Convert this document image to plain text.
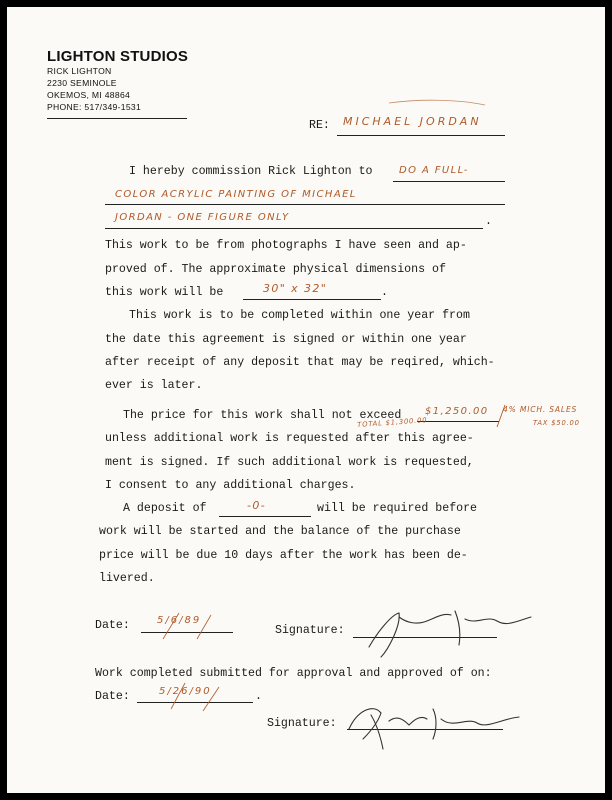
LIGHTON STUDIOS
RICK LIGHTON
2230 SEMINOLE
OKEMOS, MI 48864
PHONE: 517/349-1531
RE: MICHAEL JORDAN
I hereby commission Rick Lighton to	DO A FULL-
COLOR ACRYLIC PAINTING OF MICHAEL
JORDAN - ONE FIGURE ONLY	.
This work to be from photographs I have seen and ap-
proved of. The approximate physical dimensions of
this work will be	30" x 32"	.
This work is to be completed within one year from
the date this agreement is signed or within one year
after receipt of any deposit that may be reqired, which-
ever is later.
The price for this work shall not exceed $1,250.00 4% MICH. SALES
TAX $50.00
TOTAL $1,300.00
unless additional work is requested after this agree-
ment is signed. If such additional work is requested,
I consent to any additional charges.
A deposit of	-0-	will be required before
work will be started and the balance of the purchase
price will be due 10 days after the work has been de-
livered.
Date:	5/6/89
Signature:
Work completed submitted for approval and approved of on:
Date:	5/26/90	.
Signature:
